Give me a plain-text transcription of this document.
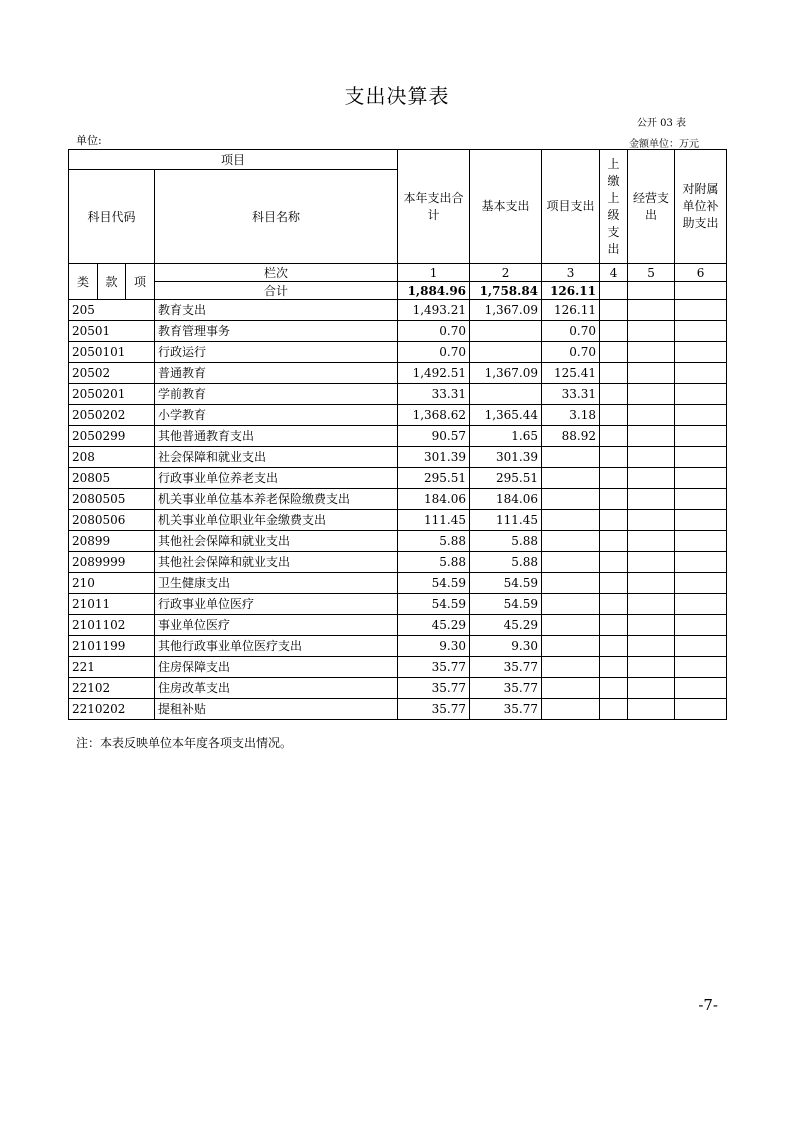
支出决算表
公开 03 表
单位:	金额单位：万元
项目				本年支出合计	基本支出	项目支出	上缴上级支出	经营支出	对附属单位补助支出
科目代码			科目名称						
类	款	项	栏次	1	2	3	4	5	6
			合计	1,884.96	1,758.84	126.11			
205			教育支出	1,493.21	1,367.09	126.11			
20501			教育管理事务	0.70		0.70			
2050101			行政运行	0.70		0.70			
20502			普通教育	1,492.51	1,367.09	125.41			
2050201			学前教育	33.31		33.31			
2050202			小学教育	1,368.62	1,365.44	3.18			
2050299			其他普通教育支出	90.57	1.65	88.92			
208			社会保障和就业支出	301.39	301.39				
20805			行政事业单位养老支出	295.51	295.51				
2080505			机关事业单位基本养老保险缴费支出	184.06	184.06				
2080506			机关事业单位职业年金缴费支出	111.45	111.45				
20899			其他社会保障和就业支出	5.88	5.88				
2089999			其他社会保障和就业支出	5.88	5.88				
210			卫生健康支出	54.59	54.59				
21011			行政事业单位医疗	54.59	54.59				
2101102			事业单位医疗	45.29	45.29				
2101199			其他行政事业单位医疗支出	9.30	9.30				
221			住房保障支出	35.77	35.77				
22102			住房改革支出	35.77	35.77				
2210202			提租补贴	35.77	35.77				
注：本表反映单位本年度各项支出情况。
-7-
